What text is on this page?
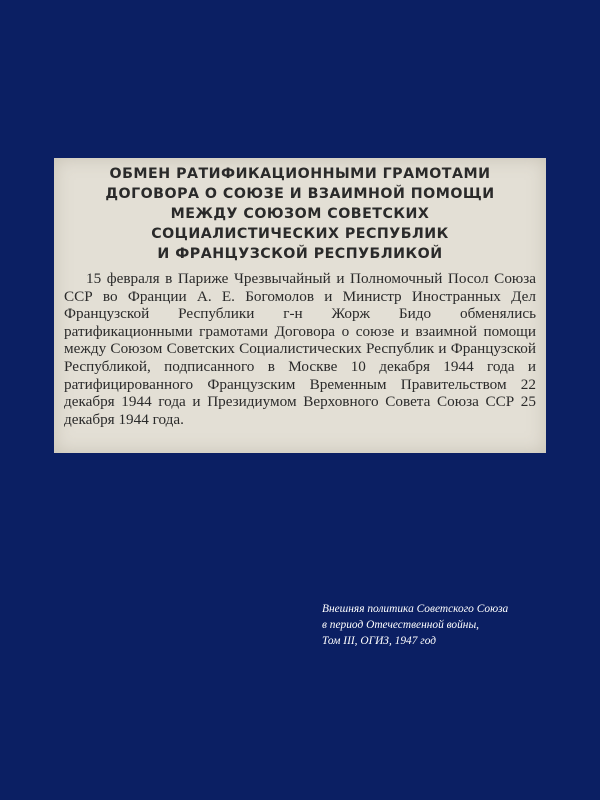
ОБМЕН РАТИФИКАЦИОННЫМИ ГРАМОТАМИ
ДОГОВОРА О СОЮЗЕ И ВЗАИМНОЙ ПОМОЩИ
МЕЖДУ СОЮЗОМ СОВЕТСКИХ
СОЦИАЛИСТИЧЕСКИХ РЕСПУБЛИК
И ФРАНЦУЗСКОЙ РЕСПУБЛИКОЙ

15 февраля в Париже Чрезвычайный и Полномочный Посол Союза ССР во Франции А. Е. Богомолов и Министр Иностранных Дел Французской Республики г-н Жорж Бидо обменялись ратификационными грамотами Договора о союзе и взаимной помощи между Союзом Советских Социалистических Республик и Французской Республикой, подписанного в Москве 10 декабря 1944 года и ратифицированного Французским Временным Правительством 22 декабря 1944 года и Президиумом Верховного Совета Союза ССР 25 декабря 1944 года.

Внешняя политика Советского Союза
в период Отечественной войны,
Том III, ОГИЗ, 1947 год
